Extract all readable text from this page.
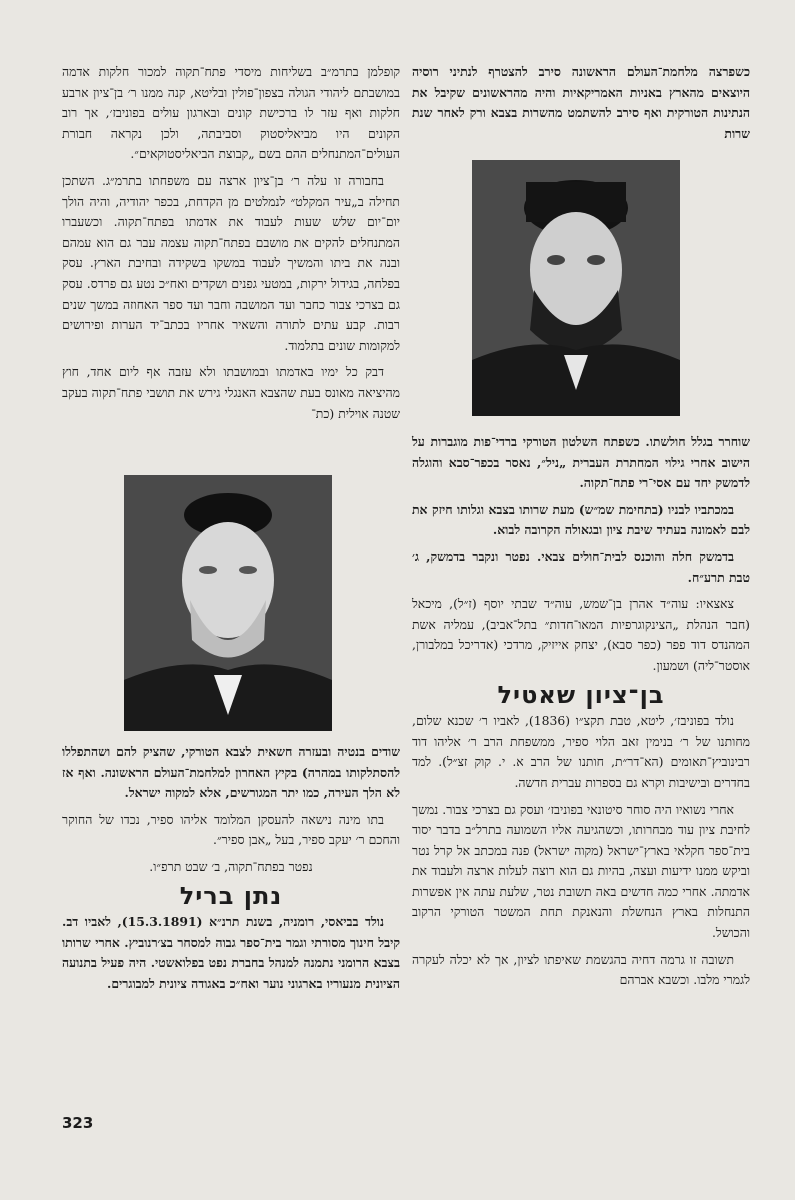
כשפרצה מלחמת־העולם הראשונה סירב להצטרף לנתיני רוסיה היוצאים מהארץ באניות האמריקאיות והיה מהראשונים שקיבל את הנתינות הטורקית ואף סירב להשתמט מהשרות בצבא ורק לאחר שנת שרות

שוחרר בגלל חולשתו. כשפתח השלטון הטורקי ברדי־פות מוגברות על הישוב אחרי גילוי המחתרת העברית „ניל״, נאסר בכפר־סבא והוגלה לדמשק יחד עם אסי־רי פתח־תקוה.

במכתביו לבניו (בתחימת שמ״ש) מעת שרותו בצבא וגלותו חיזק את לבם לאמונה בעתיד שיבת ציון ובגאולה הקרובה לבוא.

בדמשק חלה והוכנס לבית־חולים צבאי. נפטר ונקבר בדמשק, ג׳ טבת תרע״ח.

צאצאיו: עוה״ד אהרן בן־שמש, עוה״ד שבתי יוסף (ז״ל), מיכאל (חבר הנהלת „הצינקוגרפיות המאו־חדות״ בתל־אביב), עמליה אשת המהנדס דוד פפר (כפר סבא), יצחק אייזיק, מרדכי (אדריכל במלבורן, אוסטר־ליה) ושמעון.

בן־ציון שאטיל

נולד בפוניבז׳, ליטא, טבת תקצ״ו (1836), לאביו ר׳ שכנא שלום, מחותנו של ר׳ בנימין זאב הלוי ספיר, ממשפחת הרב ר׳ אליהו דוד רבינוביץ־תאומים (הא־דר״ת, חותנו של הרב א. י. קוק זצ״ל). למד בחדרים ובישיבות וקרא גם בספרות עברית חדשה.

אחרי נשואיו היה סוחר סיטונאי בפוניבז׳ ועסק גם בצרכי צבור. נמשך לחיבת ציון עוד מבחרותו, וכשהגיעה אליו השמועה בתרל״ב בדבר יסוד בית־ספר חקלאי בארץ־ישראל (מקוה ישראל) פנה במכתב אל קרל נטר וביקש ממנו ידיעות ועצה, בהיות גם הוא רוצה לעלות ארצה ולעבוד את אדמתה. אחרי כמה חדשים באה תשובת נטר, שלעת עתה אין אפשרות התנחלות בארץ הנחשלת והנאנקת תחת המשטר הטורקי הרקוב והכושל.

תשובה זו גרמה דחיה בהגשמת שאיפתו לציון, אך לא יכלה לעקרה לגמרי מלבו. וכשבא אברהם

קופלמן בתרמ״ב בשליחות מיסדי פתח־תקוה למכור חלקות אדמה במושבתם ליהודי הגולה בצפון־פולין ובליטא, קנה ממנו ר׳ בן־ציון ארבע חלקות ואף עזר לו ברכישת קונים ובארגון עולים בפוניבז׳, אך רוב הקונים היו מביאליסטוק וסביבתה, ולכן נקראה חבורת העולים־המתנחלים ההם בשם „קבוצת הביאליסטוקאים״.

בחבורה זו עלה ר׳ בן־ציון ארצה עם משפחתו בתרמ״ג. השתכן תחילה ב„עיר המקלט״ לנמלטים מן הקדחת, בכפר יהודיה, והיה הולך יום־יום שלש שעות לעבוד את אדמתו בפתח־תקוה. וכשעברו המתנחלים להקים את מושבם בפתח־תקוה עצמה עבר גם הוא עמהם ובנה את ביתו והמשיך לעבוד במשקו בשקידה ובחיבת הארץ. עסק בפלחה, בגידול ירקות, במטעי גפנים ושקדים ואח״כ נטע גם פרדס. עסק גם בצרכי צבור כחבר ועד המושבה וחבר ועד ספר האחוזה במשך שנים רבות. קבע עתים לתורה והשאיר אחריו בכתב־יד הערות ופירושים למקומות שונים בתלמוד.

דבק כל ימיו באדמתו ובמושבתו ולא עזבה אף ליום אחד, חוץ מהיציאה מאונס בעת שהצבא האנגלי גירש את תושבי פתח־תקוה בעקב שטנה אוילית (כת־

שודים בנטיה ובעזרה חשאית לצבא הטורקי, שהציק להם ושהתפללו להסתלקותו במהרה) בקיץ האחרון למלחמת־העולם הראשונה. ואף אז לא הלך העירה, כמו יתר המגורשים, אלא למקוה ישראל.

בתו מינה נישאה להעסקן המלומד אליהו ספיר, נכדו של החוקר והחכם ר׳ יעקב ספיר, בעל „אבן ספיר״.

נפטר בפתח־תקוה, ב׳ שבט תרפ״ו.

נתן בריל

נולד בביאסי, רומניה, בשנת תרנ״א (15.3.1891), לאביו דב. קיבל חינוך מסורתי וגמר בית־ספר גבוה למסחר בצ׳רנוביץ. אחרי שרותו בצבא הרומני נתמנה למנהל בחברת נפט בפלואשטי. היה פעיל בתנועה הציונית מנעוריו בארגוני נוער ואח״כ באגודה ציונית למבוגרים.

323
